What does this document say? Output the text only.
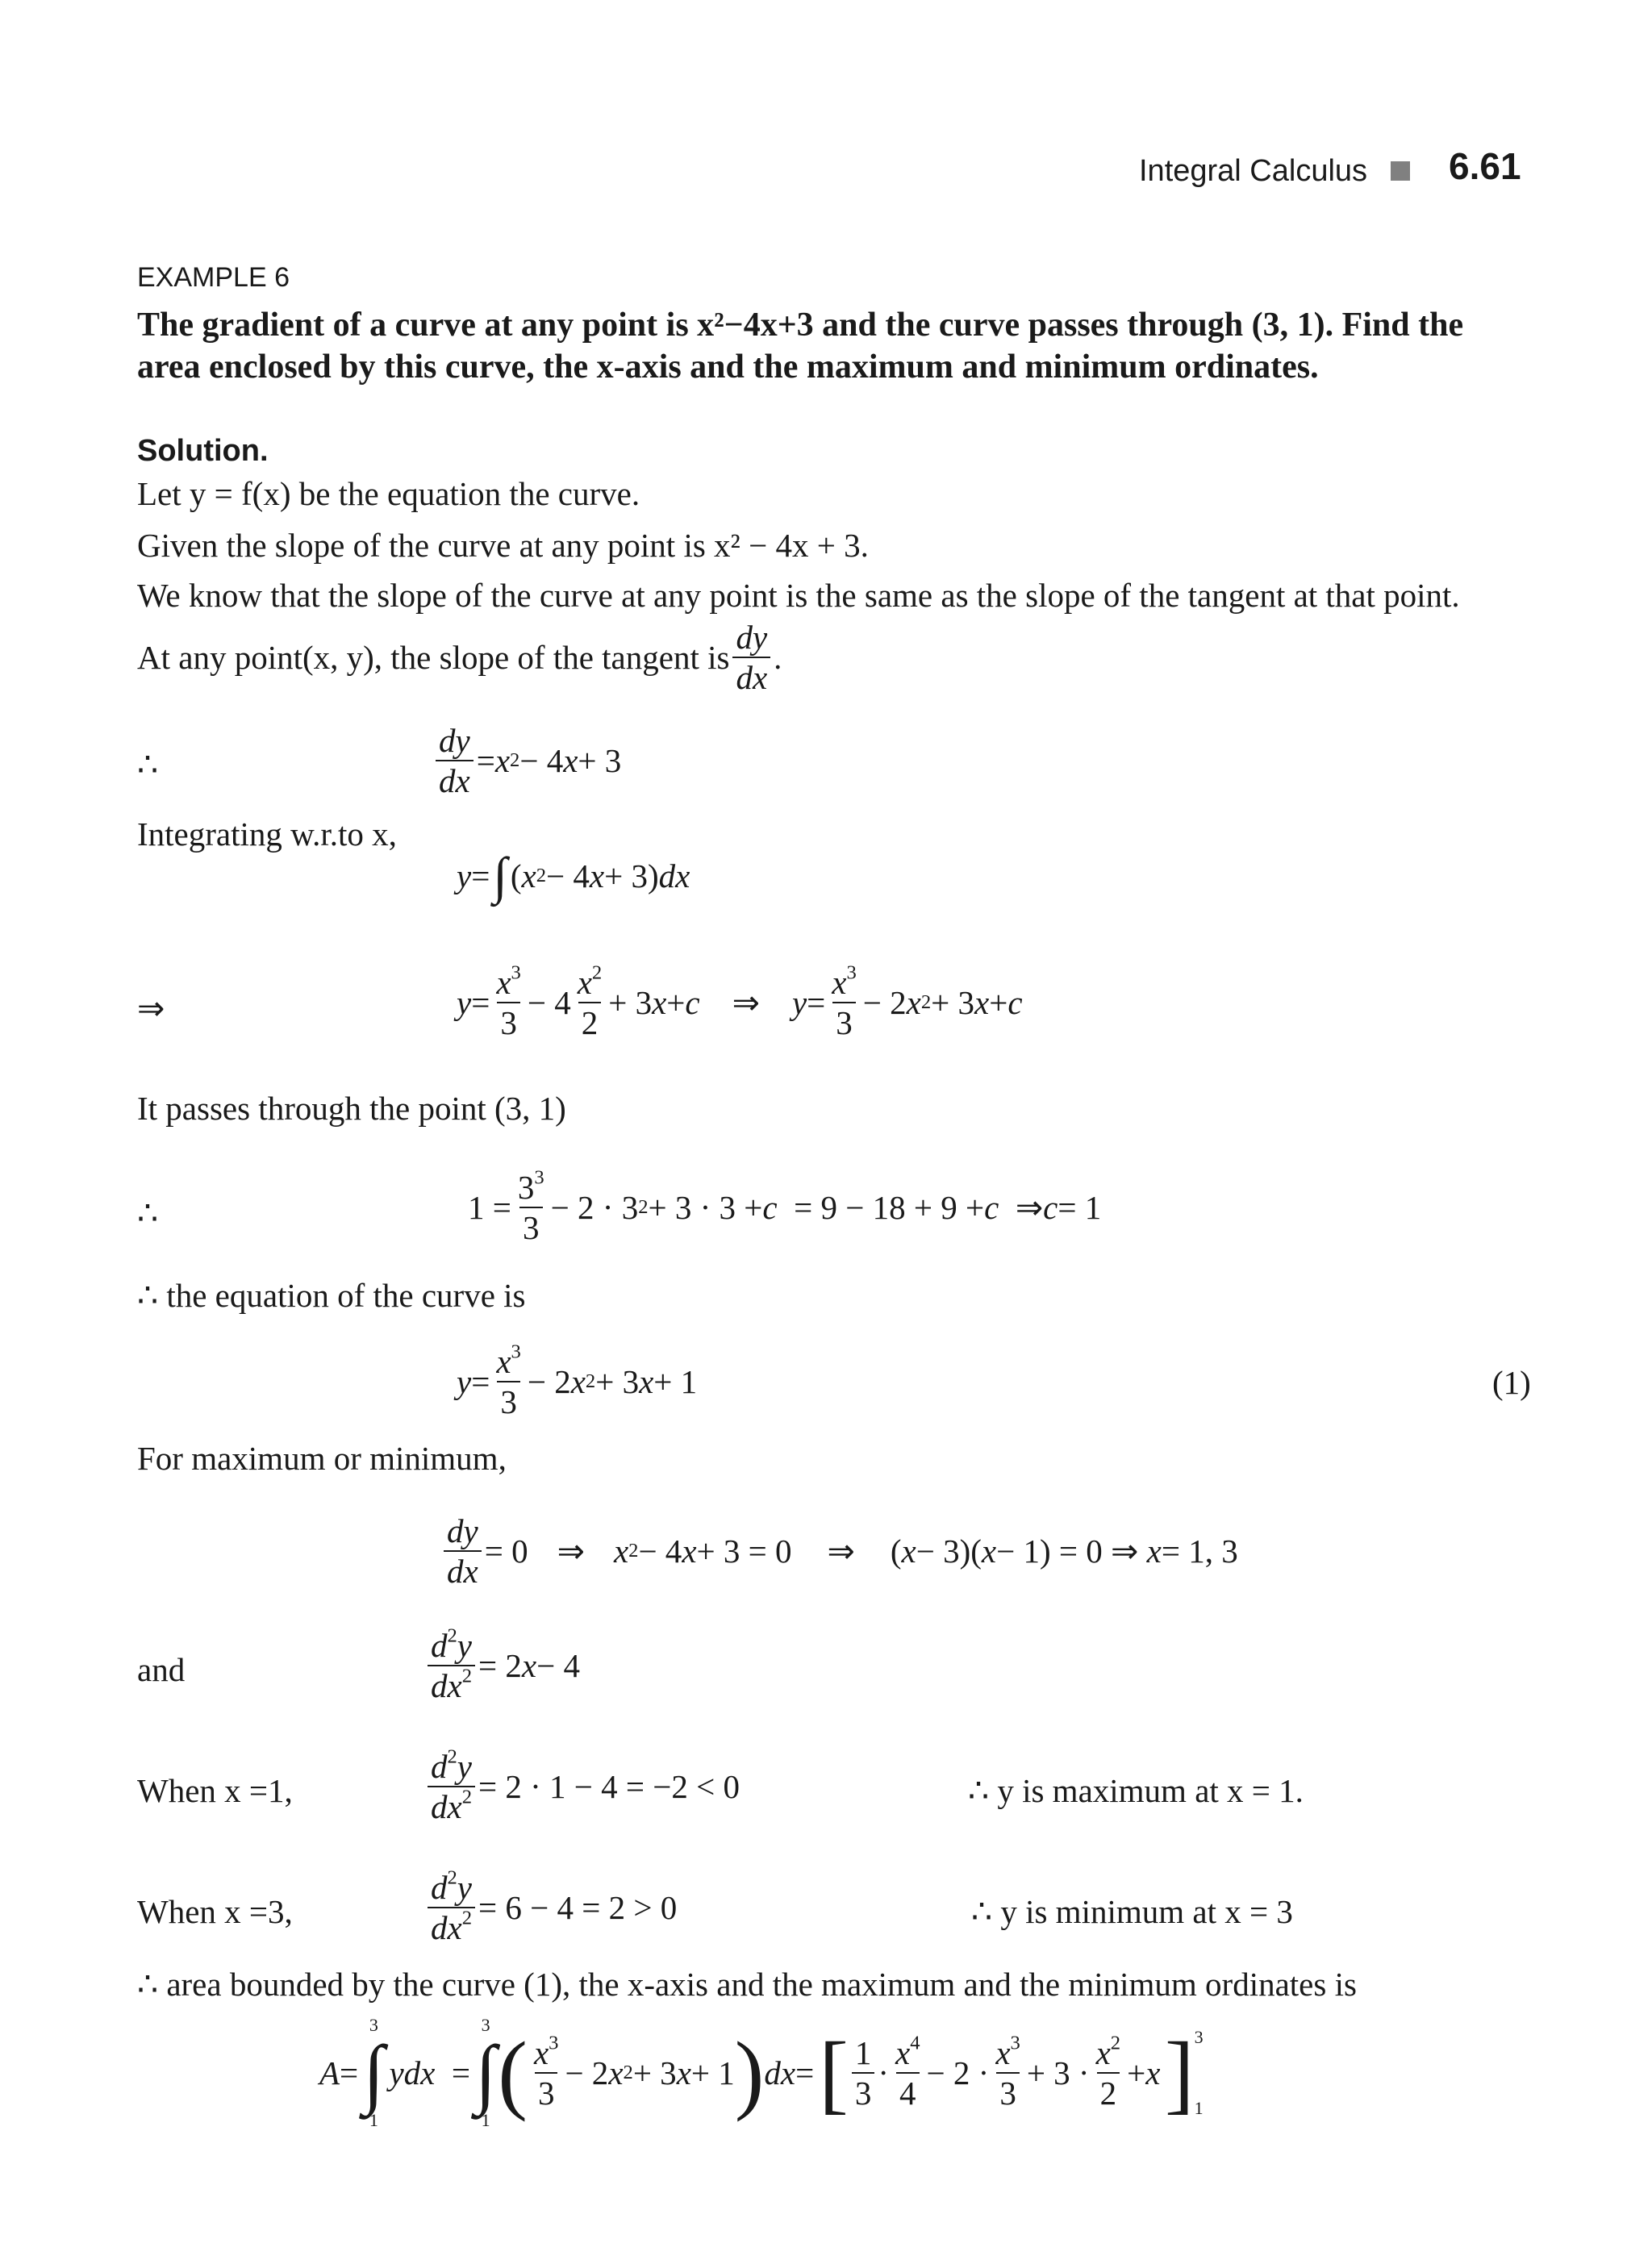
Integral Calculus 6.61
EXAMPLE 6
The gradient of a curve at any point is x²−4x+3 and the curve passes through (3, 1). Find the
area enclosed by this curve, the x-axis and the maximum and minimum ordinates.
Solution.
Let y = f(x) be the equation the curve.
Given the slope of the curve at any point is x² − 4x + 3.
We know that the slope of the curve at any point is the same as the slope of the tangent at that point.
At any point(x, y), the slope of the tangent is $\frac{dy}{dx}$ .
∴	$\frac{dy}{dx} = x$ 2 − 4 x + 3
Integrating w.r.to x,
y = ∫ ( x 2 − 4 x + 3) dx
⇒	$y = \frac{x^3}{3} - 4 \frac{x^2}{2} + 3$ x + c ⇒ $y = \frac{x^3}{3} - 2$ x 2 + 3 x + c
It passes through the point (3, 1)
∴	$1 = \frac{3^3}{3} - 2 \cdot 3$ 2 + 3 · 3 + c = 9 − 18 + 9 + c ⇒ c = 1
∴ the equation of the curve is
$y = \frac{x^3}{3} - 2$ x 2 + 3 x + 1	(1)
For maximum or minimum,
$\frac{dy}{dx} = 0$ ⇒ x 2 − 4 x + 3 = 0 ⇒ ( x − 3)( x − 1) = 0 ⇒ x = 1, 3
and	$\frac{d^2y}{dx^2} = 2$ x − 4
When x =1,	$\frac{d^2y}{dx^2} = 2 \cdot 1 - 4 = -2 < 0$	∴ y is maximum at x = 1.
When x =3,	$\frac{d^2y}{dx^2} = 6 - 4 = 2 > 0$	∴ y is minimum at x = 3
∴ area bounded by the curve (1), the x-axis and the maximum and the minimum ordinates is
A =
3
∫
1
y dx =
3
∫
1 ( $\frac{x^3}{3} - 2$ x 2 + 3 x + 1 ) dx = [ $\frac{1}{3} \cdot \frac{x^4}{4} - 2 \cdot \frac{x^3}{3} + 3 \cdot \frac{x^2}{2} + x$
] 3
1
